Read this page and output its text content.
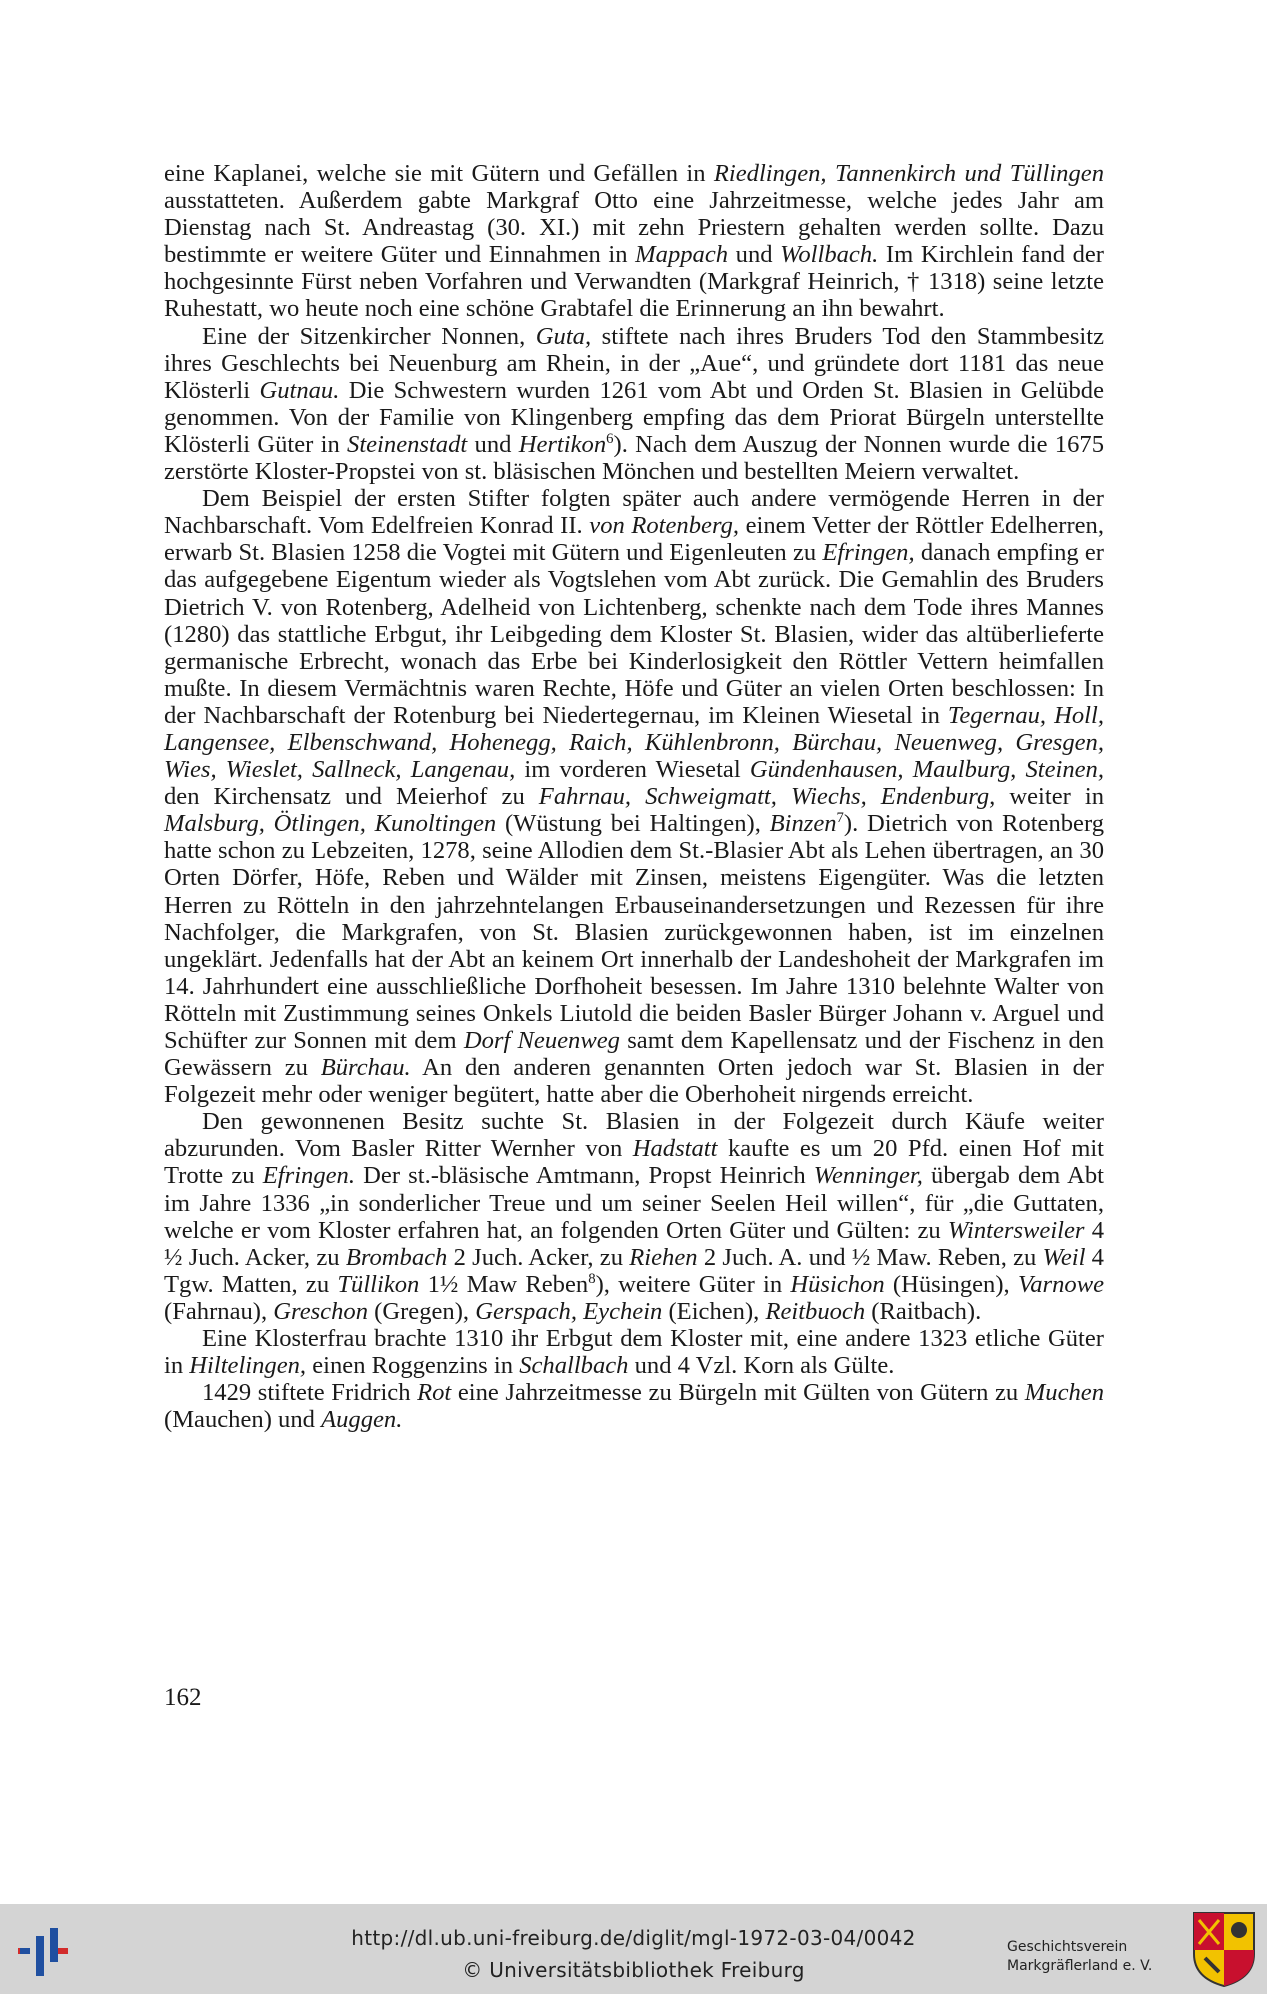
eine Kaplanei, welche sie mit Gütern und Gefällen in Riedlingen, Tannenkirch und Tüllingen ausstatteten. Außerdem gabte Markgraf Otto eine Jahrzeitmesse, welche jedes Jahr am Dienstag nach St. Andreastag (30. XI.) mit zehn Priestern gehalten werden sollte. Dazu bestimmte er weitere Güter und Einnahmen in Mappach und Wollbach. Im Kirchlein fand der hochgesinnte Fürst neben Vorfahren und Verwandten (Markgraf Heinrich, † 1318) seine letzte Ruhestatt, wo heute noch eine schöne Grabtafel die Erinnerung an ihn bewahrt.

Eine der Sitzenkircher Nonnen, Guta, stiftete nach ihres Bruders Tod den Stammbesitz ihres Geschlechts bei Neuenburg am Rhein, in der „Aue“, und gründete dort 1181 das neue Klösterli Gutnau. Die Schwestern wurden 1261 vom Abt und Orden St. Blasien in Gelübde genommen. Von der Familie von Klingenberg empfing das dem Priorat Bürgeln unterstellte Klösterli Güter in Steinenstadt und Hertikon$^6$). Nach dem Auszug der Nonnen wurde die 1675 zerstörte Kloster-Propstei von st. bläsischen Mönchen und bestellten Meiern verwaltet.

Dem Beispiel der ersten Stifter folgten später auch andere vermögende Herren in der Nachbarschaft. Vom Edelfreien Konrad II. von Rotenberg, einem Vetter der Röttler Edelherren, erwarb St. Blasien 1258 die Vogtei mit Gütern und Eigenleuten zu Efringen, danach empfing er das aufgegebene Eigentum wieder als Vogtslehen vom Abt zurück. Die Gemahlin des Bruders Dietrich V. von Rotenberg, Adelheid von Lichtenberg, schenkte nach dem Tode ihres Mannes (1280) das stattliche Erbgut, ihr Leibgeding dem Kloster St. Blasien, wider das altüberlieferte germanische Erbrecht, wonach das Erbe bei Kinderlosigkeit den Röttler Vettern heimfallen mußte. In diesem Vermächtnis waren Rechte, Höfe und Güter an vielen Orten beschlossen: In der Nachbarschaft der Rotenburg bei Niedertegernau, im Kleinen Wiesetal in Tegernau, Holl, Langensee, Elbenschwand, Hohenegg, Raich, Kühlenbronn, Bürchau, Neuenweg, Gresgen, Wies, Wieslet, Sallneck, Langenau, im vorderen Wiesetal Gündenhausen, Maulburg, Steinen, den Kirchensatz und Meierhof zu Fahrnau, Schweigmatt, Wiechs, Endenburg, weiter in Malsburg, Ötlingen, Kunoltingen (Wüstung bei Haltingen), Binzen$^7$). Dietrich von Rotenberg hatte schon zu Lebzeiten, 1278, seine Allodien dem St.-Blasier Abt als Lehen übertragen, an 30 Orten Dörfer, Höfe, Reben und Wälder mit Zinsen, meistens Eigengüter. Was die letzten Herren zu Rötteln in den jahrzehntelangen Erbauseinandersetzungen und Rezessen für ihre Nachfolger, die Markgrafen, von St. Blasien zurückgewonnen haben, ist im einzelnen ungeklärt. Jedenfalls hat der Abt an keinem Ort innerhalb der Landeshoheit der Markgrafen im 14. Jahrhundert eine ausschließliche Dorfhoheit besessen. Im Jahre 1310 belehnte Walter von Rötteln mit Zustimmung seines Onkels Liutold die beiden Basler Bürger Johann v. Arguel und Schüfter zur Sonnen mit dem Dorf Neuenweg samt dem Kapellensatz und der Fischenz in den Gewässern zu Bürchau. An den anderen genannten Orten jedoch war St. Blasien in der Folgezeit mehr oder weniger begütert, hatte aber die Oberhoheit nirgends erreicht.

Den gewonnenen Besitz suchte St. Blasien in der Folgezeit durch Käufe weiter abzurunden. Vom Basler Ritter Wernher von Hadstatt kaufte es um 20 Pfd. einen Hof mit Trotte zu Efringen. Der st.-bläsische Amtmann, Propst Heinrich Wenninger, übergab dem Abt im Jahre 1336 „in sonderlicher Treue und um seiner Seelen Heil willen“, für „die Guttaten, welche er vom Kloster erfahren hat, an folgenden Orten Güter und Gülten: zu Wintersweiler 4 ½ Juch. Acker, zu Brombach 2 Juch. Acker, zu Riehen 2 Juch. A. und ½ Maw. Reben, zu Weil 4 Tgw. Matten, zu Tüllikon 1½ Maw Reben$^8$), weitere Güter in Hüsichon (Hüsingen), Varnowe (Fahrnau), Greschon (Gregen), Gerspach, Eychein (Eichen), Reitbuoch (Raitbach).

Eine Klosterfrau brachte 1310 ihr Erbgut dem Kloster mit, eine andere 1323 etliche Güter in Hiltelingen, einen Roggenzins in Schallbach und 4 Vzl. Korn als Gülte.

1429 stiftete Fridrich Rot eine Jahrzeitmesse zu Bürgeln mit Gülten von Gütern zu Muchen (Mauchen) und Auggen.

162
http://dl.ub.uni-freiburg.de/diglit/mgl-1972-03-04/0042
© Universitätsbibliothek Freiburg
Geschichtsverein
Markgräflerland e. V.
